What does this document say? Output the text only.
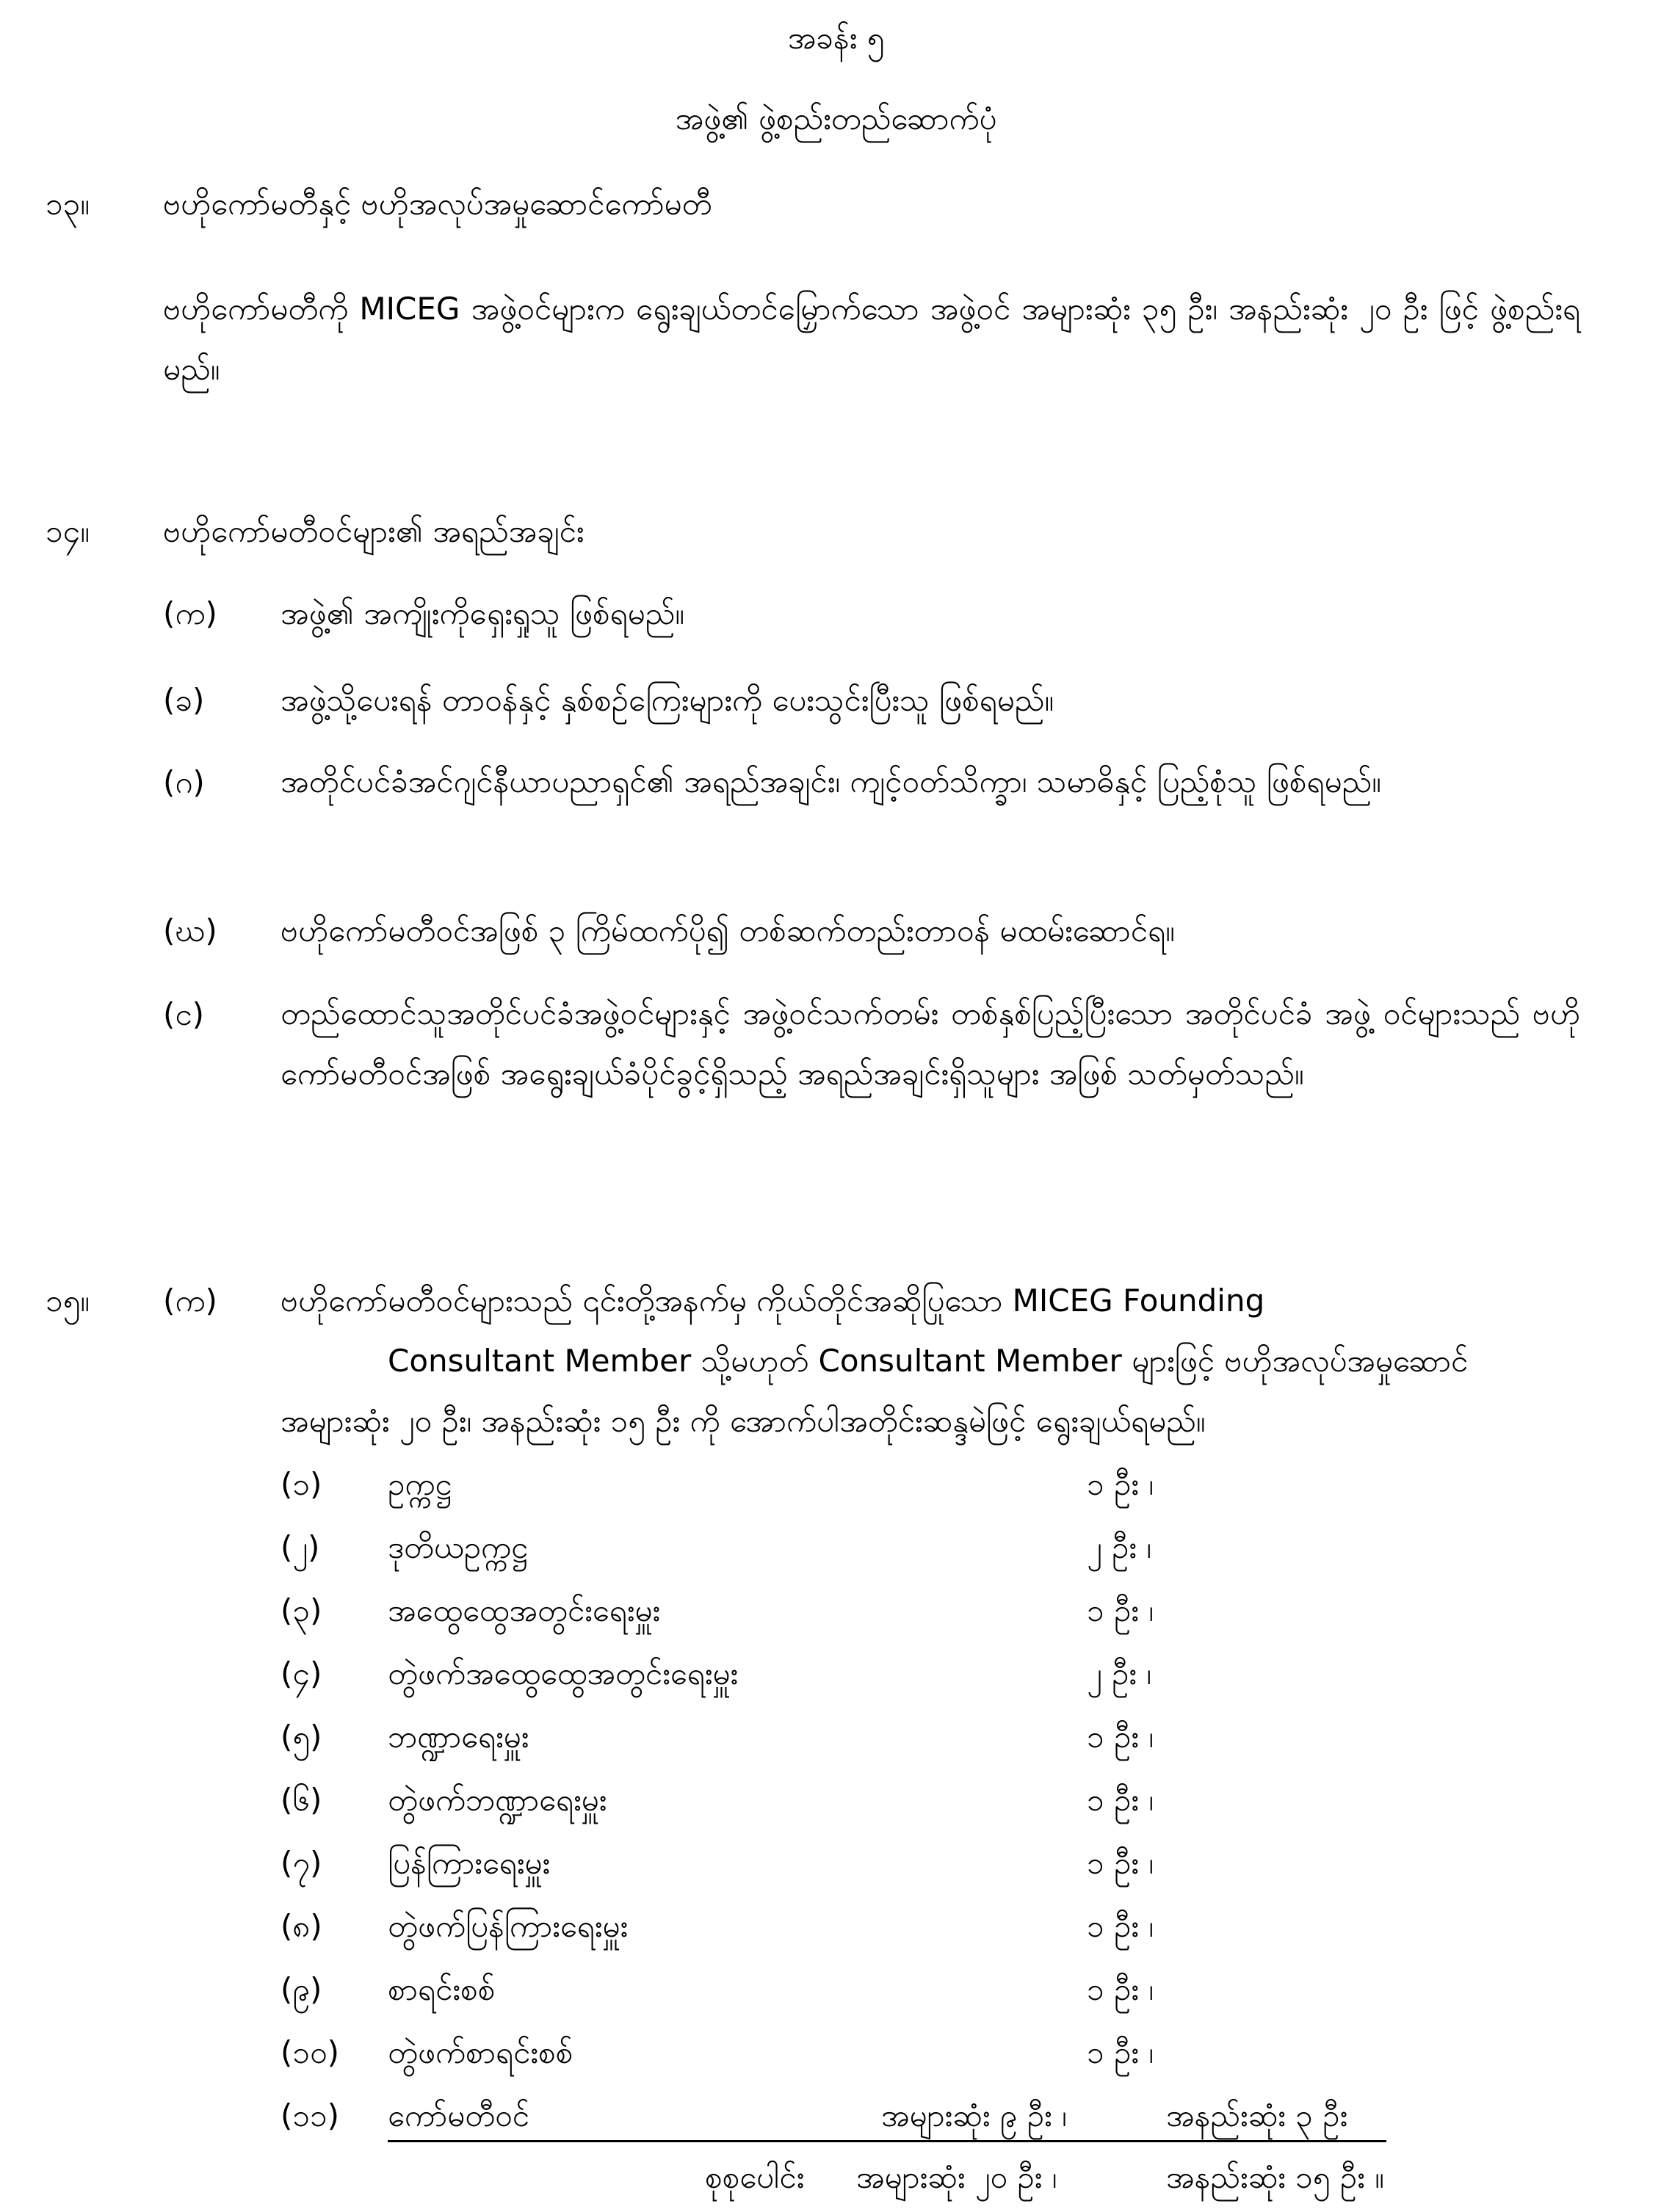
အခန်း ၅
အဖွဲ့၏ ဖွဲ့စည်းတည်ဆောက်ပုံ
၁၃။ ဗဟိုကော်မတီနှင့် ဗဟိုအလုပ်အမှုဆောင်ကော်မတီ
ဗဟိုကော်မတီကို MICEG အဖွဲ့ဝင်များက ရွေးချယ်တင်မြှောက်သော အဖွဲ့ဝင် အများဆုံး ၃၅ ဦး၊ အနည်းဆုံး ၂၀ ဦး ဖြင့် ဖွဲ့စည်းရမည်။
၁၄။ ဗဟိုကော်မတီဝင်များ၏ အရည်အချင်း
(က) အဖွဲ့၏ အကျိုးကိုရှေးရှုသူ ဖြစ်ရမည်။
(ခ) အဖွဲ့သို့ပေးရန် တာဝန်နှင့် နှစ်စဉ်ကြေးများကို ပေးသွင်းပြီးသူ ဖြစ်ရမည်။
(ဂ) အတိုင်ပင်ခံအင်ဂျင်နီယာပညာရှင်၏ အရည်အချင်း၊ ကျင့်ဝတ်သိက္ခာ၊ သမာဓိနှင့် ပြည့်စုံသူ ဖြစ်ရမည်။
(ဃ) ဗဟိုကော်မတီဝင်အဖြစ် ၃ ကြိမ်ထက်ပို၍ တစ်ဆက်တည်းတာဝန် မထမ်းဆောင်ရ။
(င) တည်ထောင်သူအတိုင်ပင်ခံအဖွဲ့ဝင်များနှင့် အဖွဲ့ဝင်သက်တမ်း တစ်နှစ်ပြည့်ပြီးသော အတိုင်ပင်ခံ အဖွဲ့ ဝင်များသည် ဗဟိုကော်မတီဝင်အဖြစ် အရွေးချယ်ခံပိုင်ခွင့်ရှိသည့် အရည်အချင်းရှိသူများ အဖြစ် သတ်မှတ်သည်။
၁၅။ (က) ဗဟိုကော်မတီဝင်များသည် ၎င်းတို့အနက်မှ ကိုယ်တိုင်အဆိုပြုသော MICEG Founding
Consultant Member သို့မဟုတ် Consultant Member များဖြင့် ဗဟိုအလုပ်အမှုဆောင်
အများဆုံး ၂၀ ဦး၊ အနည်းဆုံး ၁၅ ဦး ကို အောက်ပါအတိုင်းဆန္ဒမဲဖြင့် ရွေးချယ်ရမည်။
(၁) ဥက္ကဋ္ဌ	၁ ဦး ၊
(၂) ဒုတိယဥက္ကဋ္ဌ	၂ ဦး ၊
(၃) အထွေထွေအတွင်းရေးမှူး	၁ ဦး ၊
(၄) တွဲဖက်အထွေထွေအတွင်းရေးမှူး	၂ ဦး ၊
(၅) ဘဏ္ဍာရေးမှူး	၁ ဦး ၊
(၆) တွဲဖက်ဘဏ္ဍာရေးမှူး	၁ ဦး ၊
(၇) ပြန်ကြားရေးမှူး	၁ ဦး ၊
(၈) တွဲဖက်ပြန်ကြားရေးမှူး	၁ ဦး ၊
(၉) စာရင်းစစ်	၁ ဦး ၊
(၁၀) တွဲဖက်စာရင်းစစ်	၁ ဦး ၊
(၁၁) ကော်မတီဝင်	အများဆုံး ၉ ဦး ၊	အနည်းဆုံး ၃ ဦး
စုစုပေါင်း အများဆုံး ၂၀ ဦး ၊	အနည်းဆုံး ၁၅ ဦး ။
